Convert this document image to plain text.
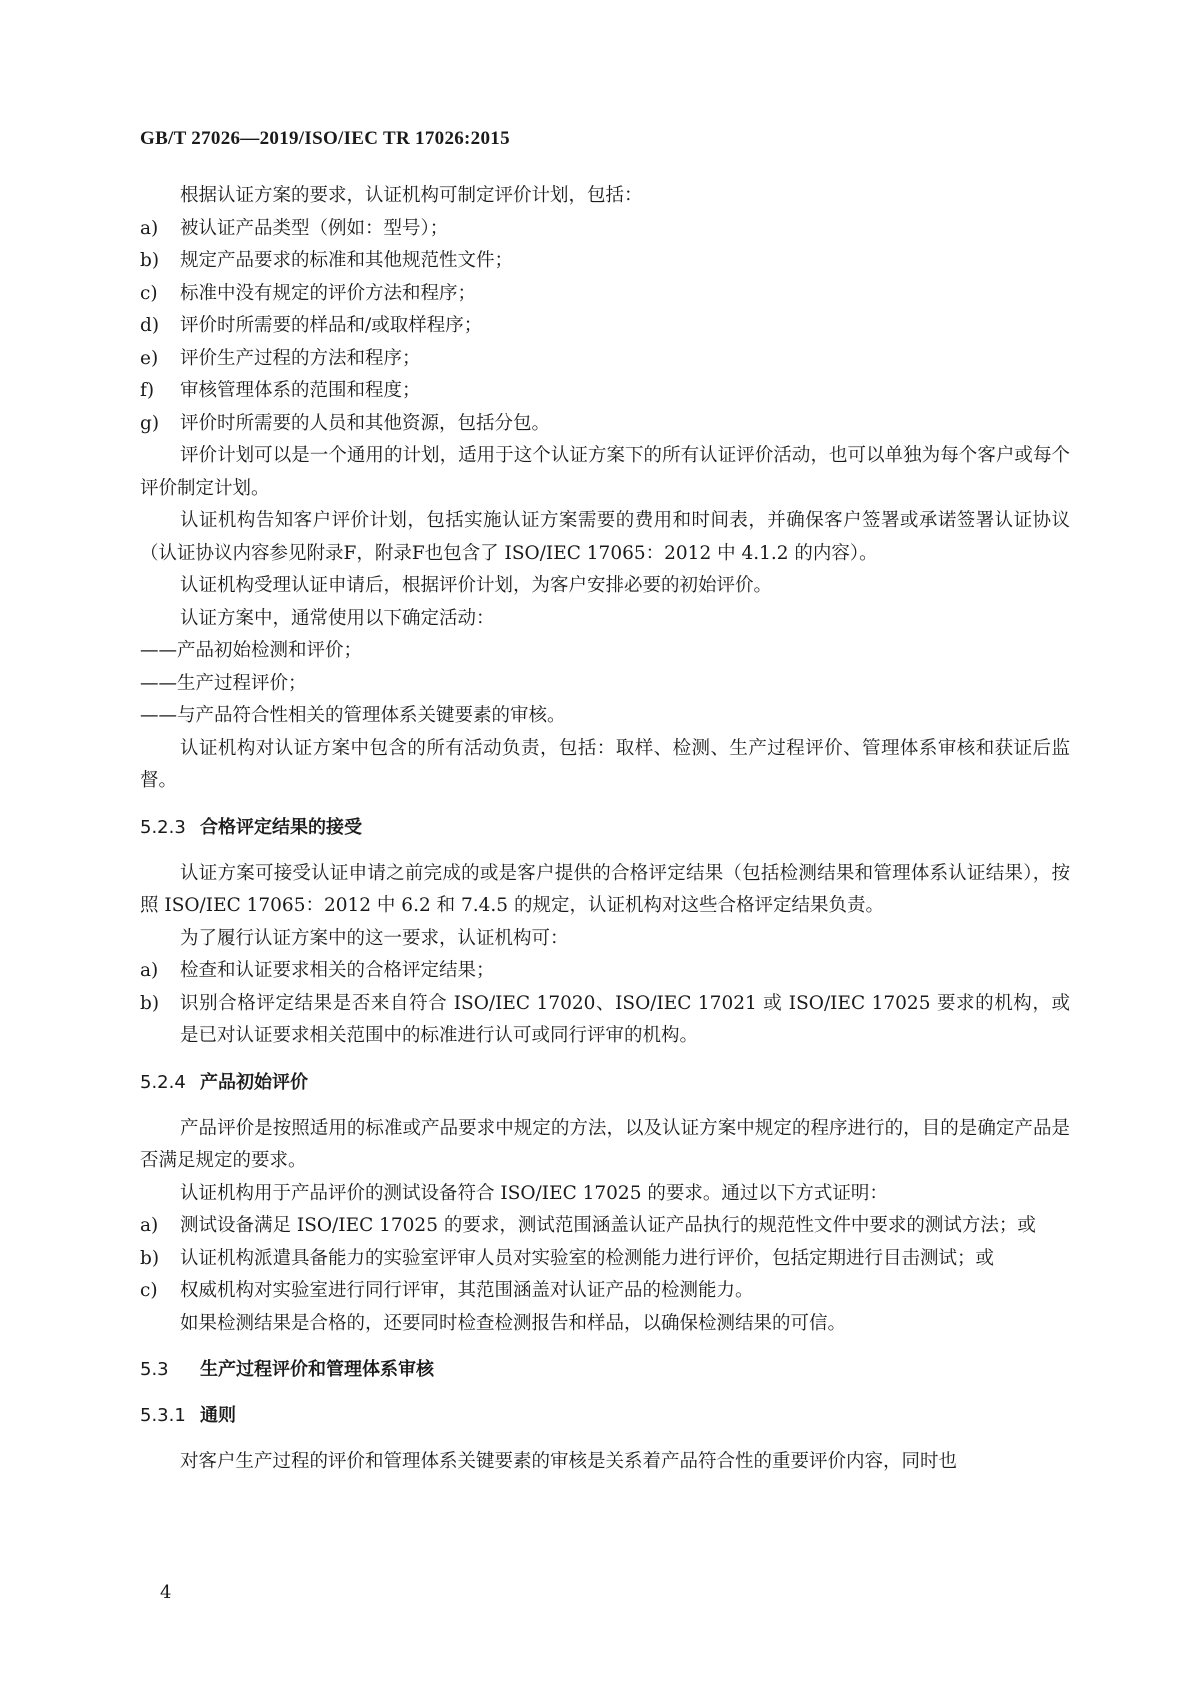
GB/T 27026—2019/ISO/IEC TR 17026:2015

根据认证方案的要求，认证机构可制定评价计划，包括：

a)	被认证产品类型（例如：型号）；
b)	规定产品要求的标准和其他规范性文件；
c)	标准中没有规定的评价方法和程序；
d)	评价时所需要的样品和/或取样程序；
e)	评价生产过程的方法和程序；
f)	审核管理体系的范围和程度；
g)	评价时所需要的人员和其他资源，包括分包。

评价计划可以是一个通用的计划，适用于这个认证方案下的所有认证评价活动，也可以单独为每个客户或每个评价制定计划。

认证机构告知客户评价计划，包括实施认证方案需要的费用和时间表，并确保客户签署或承诺签署认证协议（认证协议内容参见附录F，附录F也包含了 ISO/IEC 17065：2012 中 4.1.2 的内容）。

认证机构受理认证申请后，根据评价计划，为客户安排必要的初始评价。

认证方案中，通常使用以下确定活动：

——产品初始检测和评价；

——生产过程评价；

——与产品符合性相关的管理体系关键要素的审核。

认证机构对认证方案中包含的所有活动负责，包括：取样、检测、生产过程评价、管理体系审核和获证后监督。

5.2.3 合格评定结果的接受

认证方案可接受认证申请之前完成的或是客户提供的合格评定结果（包括检测结果和管理体系认证结果），按照 ISO/IEC 17065：2012 中 6.2 和 7.4.5 的规定，认证机构对这些合格评定结果负责。

为了履行认证方案中的这一要求，认证机构可：

a)	检查和认证要求相关的合格评定结果；
b)	识别合格评定结果是否来自符合 ISO/IEC 17020、ISO/IEC 17021 或 ISO/IEC 17025 要求的机构，或是已对认证要求相关范围中的标准进行认可或同行评审的机构。
5.2.4 产品初始评价

产品评价是按照适用的标准或产品要求中规定的方法，以及认证方案中规定的程序进行的，目的是确定产品是否满足规定的要求。

认证机构用于产品评价的测试设备符合 ISO/IEC 17025 的要求。通过以下方式证明：

a)	测试设备满足 ISO/IEC 17025 的要求，测试范围涵盖认证产品执行的规范性文件中要求的测试方法；或
b)	认证机构派遣具备能力的实验室评审人员对实验室的检测能力进行评价，包括定期进行目击测试；或
c)	权威机构对实验室进行同行评审，其范围涵盖对认证产品的检测能力。

如果检测结果是合格的，还要同时检查检测报告和样品，以确保检测结果的可信。

5.3 生产过程评价和管理体系审核
5.3.1 通则

对客户生产过程的评价和管理体系关键要素的审核是关系着产品符合性的重要评价内容，同时也

4
